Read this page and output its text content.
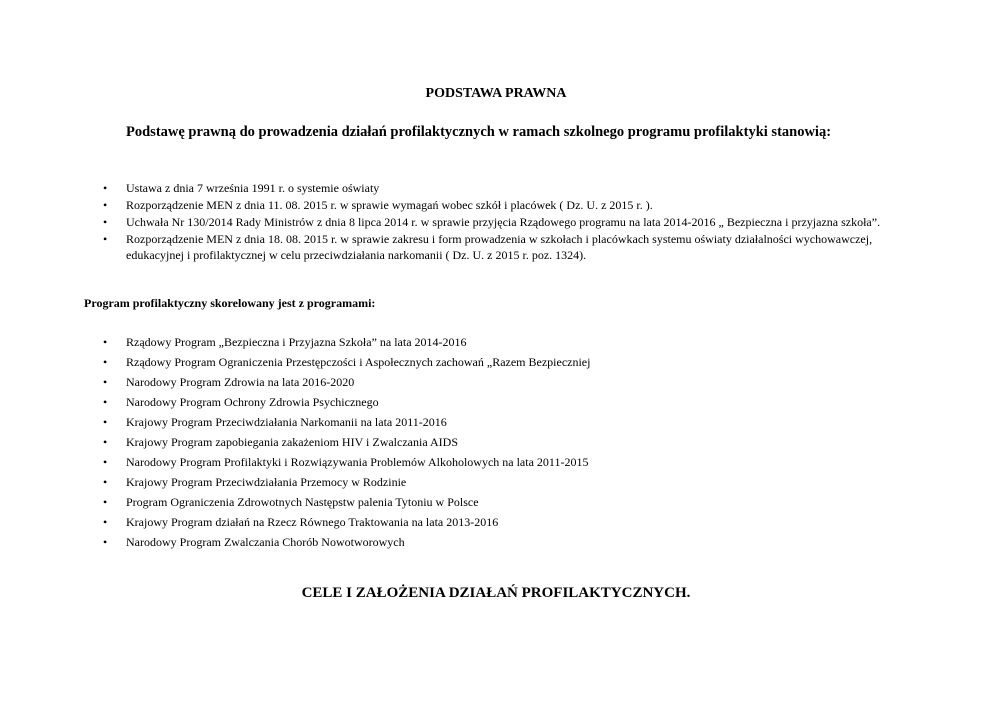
PODSTAWA PRAWNA
Podstawę prawną do prowadzenia działań profilaktycznych w ramach szkolnego programu profilaktyki stanowią:
•	Ustawa z dnia 7 września 1991 r. o systemie oświaty
•	Rozporządzenie MEN z dnia 11. 08. 2015 r. w sprawie wymagań wobec szkół i placówek ( Dz. U. z 2015 r. ).
•	Uchwała Nr 130/2014 Rady Ministrów z dnia 8 lipca 2014 r. w sprawie przyjęcia Rządowego programu na lata 2014-2016 „ Bezpieczna i przyjazna szkoła”.
•	Rozporządzenie MEN z dnia 18. 08. 2015 r. w sprawie zakresu i form prowadzenia w szkołach i placówkach systemu oświaty działalności wychowawczej, edukacyjnej i profilaktycznej w celu przeciwdziałania narkomanii ( Dz. U. z 2015 r. poz. 1324).
Program profilaktyczny skorelowany jest z programami:
•	Rządowy Program „Bezpieczna i Przyjazna Szkoła” na lata 2014-2016
•	Rządowy Program Ograniczenia Przestępczości i Aspołecznych zachowań „Razem Bezpieczniej
•	Narodowy Program Zdrowia na lata 2016-2020
•	Narodowy Program Ochrony Zdrowia Psychicznego
•	Krajowy Program Przeciwdziałania Narkomanii na lata 2011-2016
•	Krajowy Program zapobiegania zakażeniom HIV i Zwalczania AIDS
•	Narodowy Program Profilaktyki i Rozwiązywania Problemów Alkoholowych na lata 2011-2015
•	Krajowy Program Przeciwdziałania Przemocy w Rodzinie
•	Program Ograniczenia Zdrowotnych Następstw palenia Tytoniu w Polsce
•	Krajowy Program działań na Rzecz Równego Traktowania na lata 2013-2016
•	Narodowy Program Zwalczania Chorób Nowotworowych
CELE I ZAŁOŻENIA DZIAŁAŃ PROFILAKTYCZNYCH.
